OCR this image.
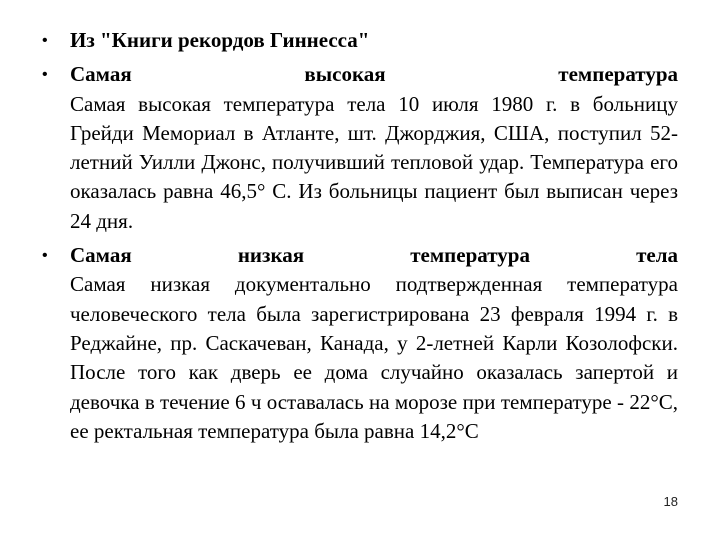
• Из "Книги рекордов Гиннесса"
• Самая высокая температура
Самая высокая температура тела 10 июля 1980 г. в больницу Грейди Мемориал в Атланте, шт. Джорджия, США, поступил 52-летний Уилли Джонс, получивший тепловой удар. Температура его оказалась равна 46,5° С. Из больницы пациент был выписан через 24 дня.
• Самая низкая температура тела
Самая низкая документально подтвержденная температура человеческого тела была зарегистрирована 23 февраля 1994 г. в Реджайне, пр. Саскачеван, Канада, у 2-летней Карли Козолофски. После того как дверь ее дома случайно оказалась запертой и девочка в течение 6 ч оставалась на морозе при температуре - 22°С, ее ректальная температура была равна 14,2°С
18
